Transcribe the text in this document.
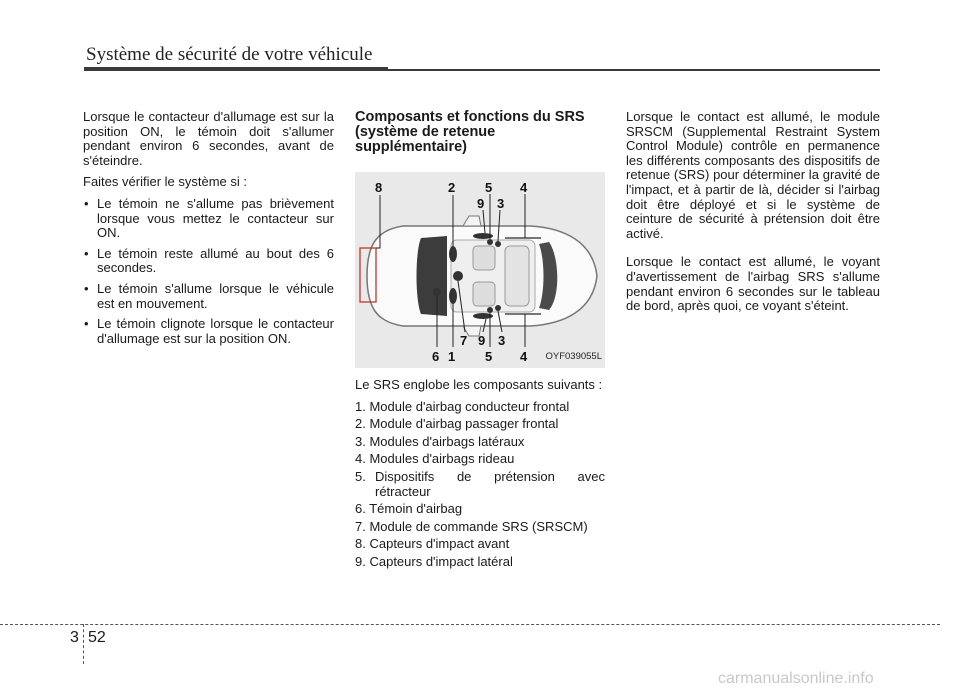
Système de sécurité de votre véhicule

Lorsque le contacteur d'allumage est sur la position ON, le témoin doit s'allumer pendant environ 6 secondes, avant de s'éteindre.

Faites vérifier le système si :

• Le témoin ne s'allume pas brièvement lorsque vous mettez le contacteur sur ON.
• Le témoin reste allumé au bout des 6 secondes.
• Le témoin s'allume lorsque le véhicule est en mouvement.
• Le témoin clignote lorsque le contacteur d'allumage est sur la position ON.
Composants et fonctions du SRS (système de retenue supplémentaire)
8	2 5 4
9 3
7 9 3
6 1 5 4 OYF039055L

Le SRS englobe les composants suivants :

1. Module d'airbag conducteur frontal
2. Module d'airbag passager frontal
3. Modules d'airbags latéraux
4. Modules d'airbags rideau
5. Dispositifs de prétension avec rétracteur
6. Témoin d'airbag
7. Module de commande SRS (SRSCM)
8. Capteurs d'impact avant
9. Capteurs d'impact latéral

Lorsque le contact est allumé, le module SRSCM (Supplemental Restraint System Control Module) contrôle en permanence les différents composants des dispositifs de retenue (SRS) pour déterminer la gravité de l'impact, et à partir de là, décider si l'airbag doit être déployé et si le système de ceinture de sécurité à prétension doit être activé.

Lorsque le contact est allumé, le voyant d'avertissement de l'airbag SRS s'allume pendant environ 6 secondes sur le tableau de bord, après quoi, ce voyant s'éteint.

3 52
carmanualsonline.info
